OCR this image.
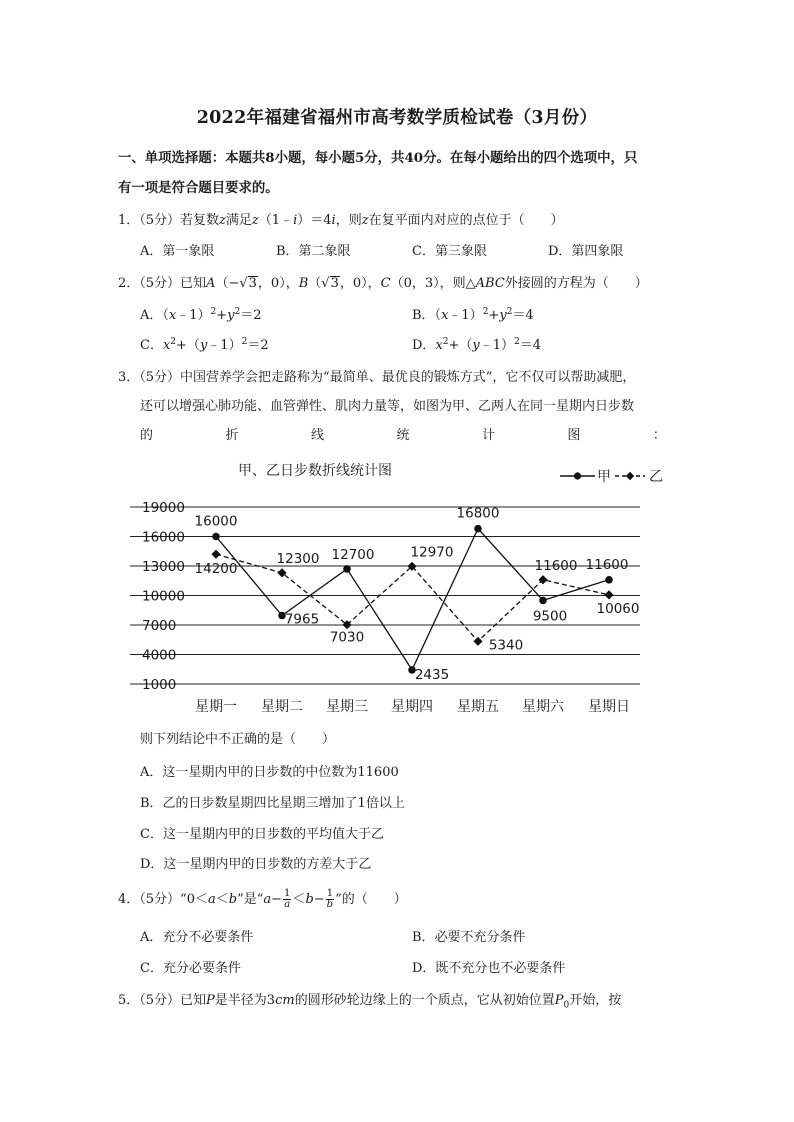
2022年福建省福州市高考数学质检试卷（3月份）
一、单项选择题：本题共8小题，每小题5分，共40分。在每小题给出的四个选项中，只
有一项是符合题目要求的。
1．（5分）若复数z满足z（1﹣i）＝4i，则z在复平面内对应的点位于（　　）
A．第一象限	B．第二象限	C．第三象限	D．第四象限
2．（5分）已知A（−√3，0），B（√3，0），C（0，3），则△ABC外接圆的方程为（　　）
A．$(x﹣1)^2+y^2=2$	B．$(x﹣1)^2+y^2=4$
C．$x^2+(y﹣1)^2=2$	D．$x^2+(y﹣1)^2=4$
3．（5分）中国营养学会把走路称为“最简单、最优良的锻炼方式”，它不仅可以帮助减肥，
还可以增强心肺功能、血管弹性、肌肉力量等，如图为甲、乙两人在同一星期内日步数
的	折	线	统	计	图	：
甲、乙日步数折线统计图
1000
4000
7000
10000
13000
16000
19000
星期一 星期二 星期三 星期四 星期五 星期六 星期日
甲	乙
16000
7965
12700
2435
16800
9500
11600
14200
12300
7030
12970
5340
11600
10060
则下列结论中不正确的是（　　）
A．这一星期内甲的日步数的中位数为11600
B．乙的日步数星期四比星期三增加了1倍以上
C．这一星期内甲的日步数的平均值大于乙
D．这一星期内甲的日步数的方差大于乙
4．（5分）“0＜a＜b”是“$a- \frac{1}{a} <b- \frac{1}{b}$ ”的（　　）
A．充分不必要条件	B．必要不充分条件
C．充分必要条件	D．既不充分也不必要条件
5．（5分）已知P是半径为3cm的圆形砂轮边缘上的一个质点，它从初始位置$P_0$开始，按
